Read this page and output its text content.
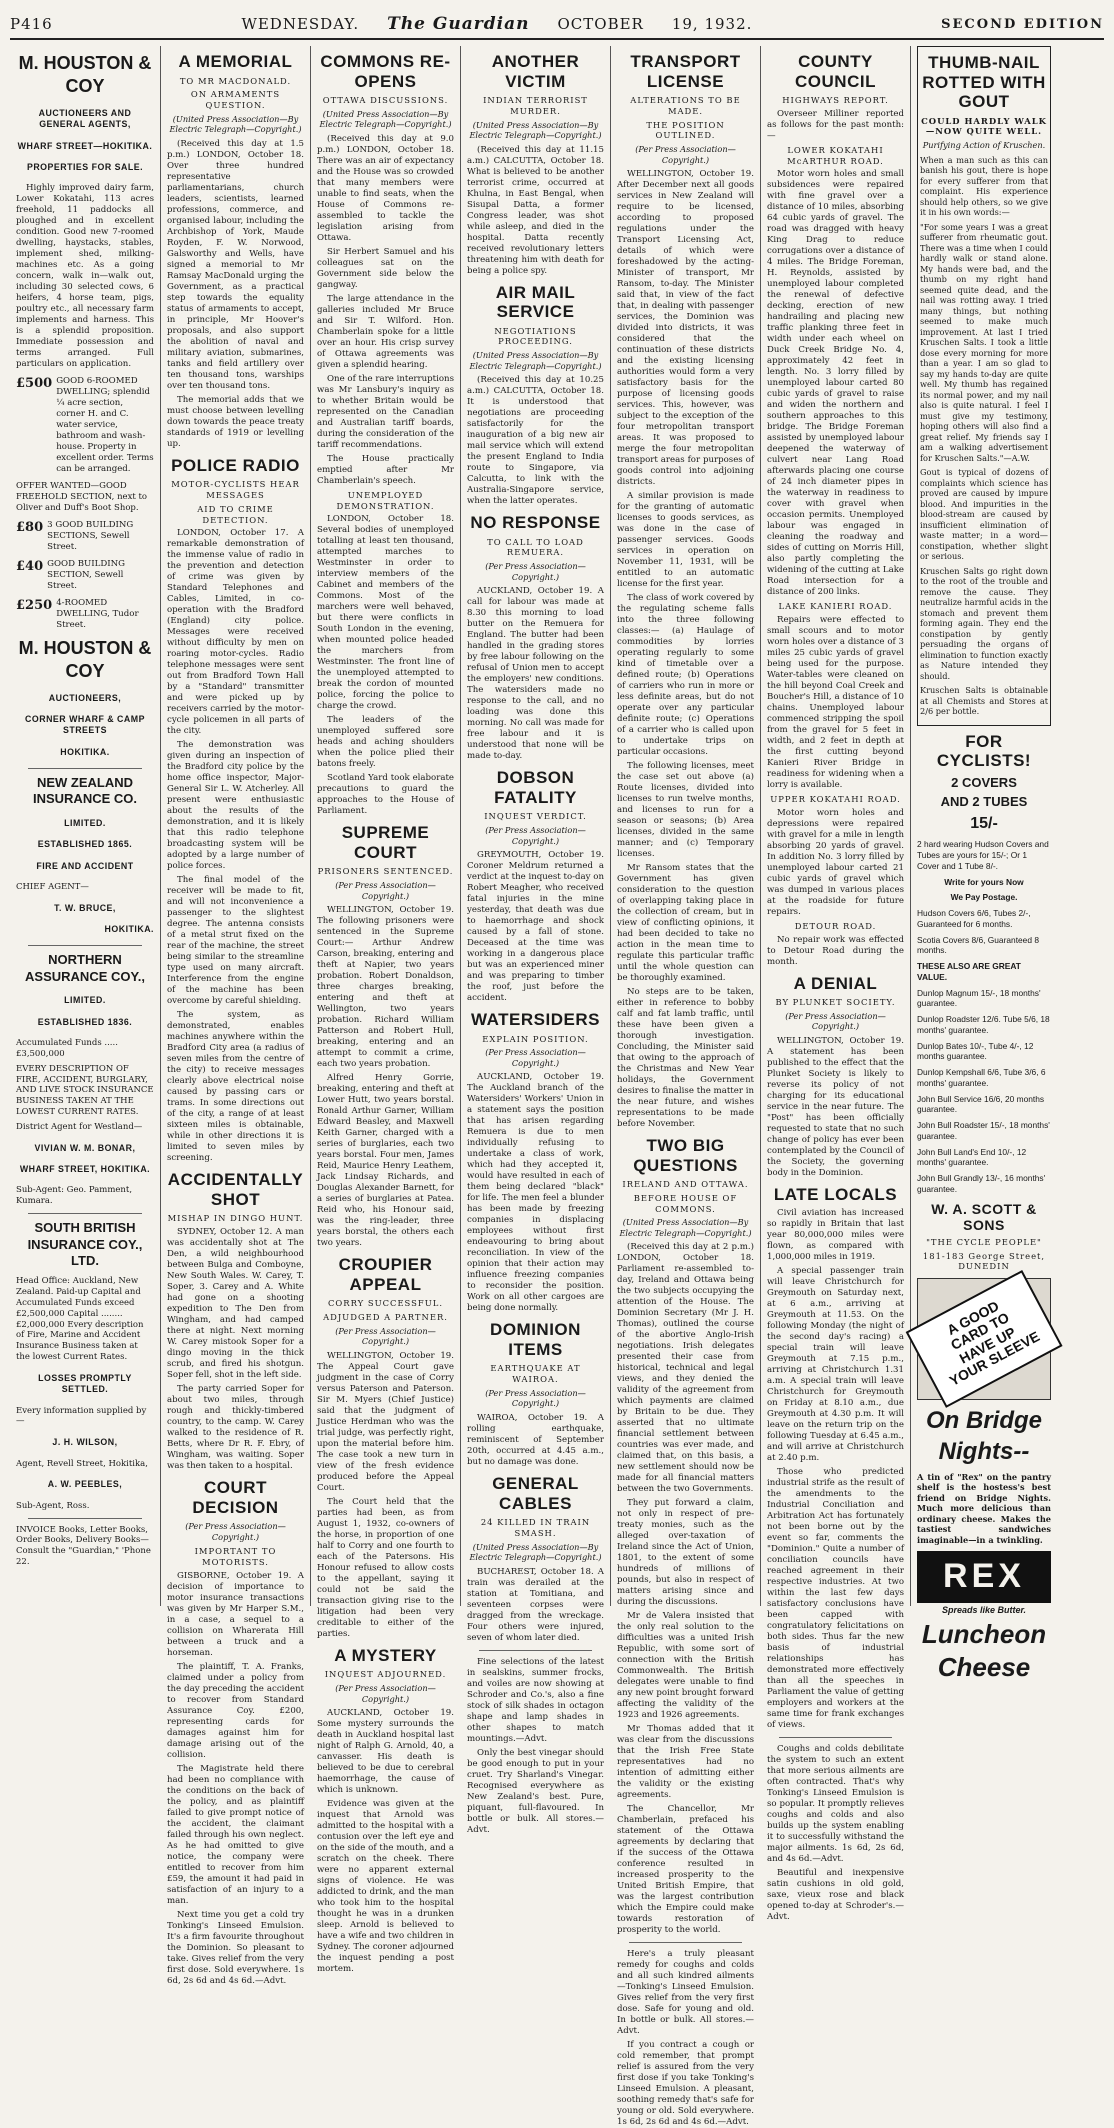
P416	WEDNESDAY. The Guardian OCTOBER 19, 1932.	SECOND EDITION
M. HOUSTON & COY
AUCTIONEERS AND GENERAL AGENTS,
WHARF STREET—HOKITIKA.
PROPERTIES FOR SALE.
Highly improved dairy farm, Lower Kokatahi, 113 acres freehold, 11 paddocks all ploughed and in excellent condition. Good new 7-roomed dwelling, haystacks, stables, implement shed, milking-machines etc. As a going concern, walk in—walk out, including 30 selected cows, 6 heifers, 4 horse team, pigs, poultry etc., all necessary farm implements and harness. This is a splendid proposition. Immediate possession and terms arranged. Full particulars on application.
£500 GOOD 6-ROOMED DWELLING; splendid ¼ acre section, corner H. and C. water service, bathroom and wash-house. Property in excellent order. Terms can be arranged.
OFFER WANTED—GOOD FREEHOLD SECTION, next to Oliver and Duff's Boot Shop.
£80 3 GOOD BUILDING SECTIONS, Sewell Street.
£40 GOOD BUILDING SECTION, Sewell Street.
£250 4-ROOMED DWELLING, Tudor Street.
M. HOUSTON & COY
AUCTIONEERS,
CORNER WHARF & CAMP STREETS
HOKITIKA.
NEW ZEALAND INSURANCE CO.
LIMITED.
ESTABLISHED 1865.
FIRE AND ACCIDENT
CHIEF AGENT—
T. W. BRUCE,
HOKITIKA.
NORTHERN ASSURANCE COY.,
LIMITED.
ESTABLISHED 1836.
Accumulated Funds ..... £3,500,000
EVERY DESCRIPTION OF FIRE, ACCIDENT, BURGLARY, AND LIVE STOCK INSURANCE BUSINESS TAKEN AT THE LOWEST CURRENT RATES.
District Agent for Westland—
VIVIAN W. M. BONAR,
WHARF STREET, HOKITIKA.
Sub-Agent: Geo. Pamment, Kumara.
SOUTH BRITISH INSURANCE COY., LTD.
Head Office: Auckland, New Zealand. Paid-up Capital and Accumulated Funds exceed £2,500,000 Capital ........ £2,000,000 Every description of Fire, Marine and Accident Insurance Business taken at the lowest Current Rates.
LOSSES PROMPTLY SETTLED.
Every information supplied by—
J. H. WILSON,
Agent, Revell Street, Hokitika,
A. W. PEEBLES,
Sub-Agent, Ross.
INVOICE Books, Letter Books, Order Books, Delivery Books—Consult the "Guardian," 'Phone 22.
A MEMORIAL
TO MR MACDONALD.
ON ARMAMENTS QUESTION.
(United Press Association—By Electric Telegraph—Copyright.)

(Received this day at 1.5 p.m.) LONDON, October 18. Over three hundred representative parliamentarians, church leaders, scientists, learned professions, commerce, and organised labour, including the Archbishop of York, Maude Royden, F. W. Norwood, Galsworthy and Wells, have signed a memorial to Mr Ramsay MacDonald urging the Government, as a practical step towards the equality status of armaments to accept, in principle, Mr Hoover's proposals, and also support the abolition of naval and military aviation, submarines, tanks and field artillery over ten thousand tons, warships over ten thousand tons.

The memorial adds that we must choose between levelling down towards the peace treaty standards of 1919 or levelling up.

POLICE RADIO
MOTOR-CYCLISTS HEAR MESSAGES
AID TO CRIME DETECTION.

LONDON, October 17. A remarkable demonstration of the immense value of radio in the prevention and detection of crime was given by Standard Telephones and Cables, Limited, in co-operation with the Bradford (England) city police. Messages were received without difficulty by men on roaring motor-cycles. Radio telephone messages were sent out from Bradford Town Hall by a "Standard" transmitter and were picked up by receivers carried by the motor-cycle policemen in all parts of the city.

The demonstration was given during an inspection of the Bradford city police by the home office inspector, Major-General Sir L. W. Atcherley. All present were enthusiastic about the results of the demonstration, and it is likely that this radio telephone broadcasting system will be adopted by a large number of police forces.

The final model of the receiver will be made to fit, and will not inconvenience a passenger to the slightest degree. The antenna consists of a metal strut fixed on the rear of the machine, the street being similar to the streamline type used on many aircraft. Interference from the engine of the machine has been overcome by careful shielding.

The system, as demonstrated, enables machines anywhere within the Bradford City area (a radius of seven miles from the centre of the city) to receive messages clearly above electrical noise caused by passing cars or trams. In some directions out of the city, a range of at least sixteen miles is obtainable, while in other directions it is limited to seven miles by screening.

ACCIDENTALLY SHOT
MISHAP IN DINGO HUNT.

SYDNEY, October 12. A man was accidentally shot at The Den, a wild neighbourhood between Bulga and Comboyne, New South Wales. W. Carey, T. Soper, 3. Carey and A. White had gone on a shooting expedition to The Den from Wingham, and had camped there at night. Next morning W. Carey mistook Soper for a dingo moving in the thick scrub, and fired his shotgun. Soper fell, shot in the left side.

The party carried Soper for about two miles, through rough and thickly-timbered country, to the camp. W. Carey walked to the residence of R. Betts, where Dr R. F. Ebry, of Wingham, was waiting. Soper was then taken to a hospital.

COURT DECISION
(Per Press Association— Copyright.)
IMPORTANT TO MOTORISTS.

GISBORNE, October 19. A decision of importance to motor insurance transactions was given by Mr Harper S.M., in a case, a sequel to a collision on Wharerata Hill between a truck and a horseman.

The plaintiff, T. A. Franks, claimed under a policy from the day preceding the accident to recover from Standard Assurance Coy. £200, representing cards for damages against him for damage arising out of the collision.

The Magistrate held there had been no compliance with the conditions on the back of the policy, and as plaintiff failed to give prompt notice of the accident, the claimant failed through his own neglect. As he had omitted to give notice, the company were entitled to recover from him £59, the amount it had paid in satisfaction of an injury to a man.

Next time you get a cold try Tonking's Linseed Emulsion. It's a firm favourite throughout the Dominion. So pleasant to take. Gives relief from the very first dose. Sold everywhere. 1s 6d, 2s 6d and 4s 6d.—Advt.

COMMONS RE-OPENS
OTTAWA DISCUSSIONS.
(United Press Association—By Electric Telegraph—Copyright.)

(Received this day at 9.0 p.m.) LONDON, October 18. There was an air of expectancy and the House was so crowded that many members were unable to find seats, when the House of Commons re-assembled to tackle the legislation arising from Ottawa.

Sir Herbert Samuel and his colleagues sat on the Government side below the gangway.

The large attendance in the galleries included Mr Bruce and Sir T. Wilford. Hon. Chamberlain spoke for a little over an hour. His crisp survey of Ottawa agreements was given a splendid hearing.

One of the rare interruptions was Mr Lansbury's inquiry as to whether Britain would be represented on the Canadian and Australian tariff boards, during the consideration of the tariff recommendations.

The House practically emptied after Mr Chamberlain's speech.

UNEMPLOYED DEMONSTRATION.

LONDON, October 18. Several bodies of unemployed totalling at least ten thousand, attempted marches to Westminster in order to interview members of the Cabinet and members of the Commons. Most of the marchers were well behaved, but there were conflicts in South London in the evening, when mounted police headed the marchers from Westminster. The front line of the unemployed attempted to break the cordon of mounted police, forcing the police to charge the crowd.

The leaders of the unemployed suffered sore heads and aching shoulders when the police plied their batons freely.

Scotland Yard took elaborate precautions to guard the approaches to the House of Parliament.

SUPREME COURT
PRISONERS SENTENCED.
(Per Press Association— Copyright.)

WELLINGTON, October 19. The following prisoners were sentenced in the Supreme Court:— Arthur Andrew Carson, breaking, entering and theft at Napier, two years probation. Robert Donaldson, three charges breaking, entering and theft at Wellington, two years probation. Richard William Patterson and Robert Hull, breaking, entering and an attempt to commit a crime, each two years probation.

Alfred Henry Gorrie, breaking, entering and theft at Lower Hutt, two years borstal. Ronald Arthur Garner, William Edward Beasley, and Maxwell Keith Garner, charged with a series of burglaries, each two years borstal. Four men, James Reid, Maurice Henry Leathem, Jack Lindsay Richards, and Douglas Alexander Barnett, for a series of burglaries at Patea. Reid who, his Honour said, was the ring-leader, three years borstal, the others each two years.

CROUPIER APPEAL
CORRY SUCCESSFUL.
ADJUDGED A PARTNER.
(Per Press Association— Copyright.)

WELLINGTON, October 19. The Appeal Court gave judgment in the case of Corry versus Paterson and Paterson. Sir M. Myers (Chief Justice) said that the judgment of Justice Herdman who was the trial judge, was perfectly right, upon the material before him. The case took a new turn in view of the fresh evidence produced before the Appeal Court.

The Court held that the parties had been, as from August 1, 1932, co-owners of the horse, in proportion of one half to Corry and one fourth to each of the Patersons. His Honour refused to allow costs to the appellant, saying it could not be said the transaction giving rise to the litigation had been very creditable to either of the parties.

A MYSTERY
INQUEST ADJOURNED.
(Per Press Association— Copyright.)

AUCKLAND, October 19. Some mystery surrounds the death in Auckland hospital last night of Ralph G. Arnold, 40, a canvasser. His death is believed to be due to cerebral haemorrhage, the cause of which is unknown.

Evidence was given at the inquest that Arnold was admitted to the hospital with a contusion over the left eye and on the side of the mouth, and a scratch on the cheek. There were no apparent external signs of violence. He was addicted to drink, and the man who took him to the hospital thought he was in a drunken sleep. Arnold is believed to have a wife and two children in Sydney. The coroner adjourned the inquest pending a post mortem.

ANOTHER VICTIM
INDIAN TERRORIST MURDER.
(United Press Association—By Electric Telegraph—Copyright.)

(Received this day at 11.15 a.m.) CALCUTTA, October 18. What is believed to be another terrorist crime, occurred at Khulna, in East Bengal, when Sisupal Datta, a former Congress leader, was shot while asleep, and died in the hospital. Datta recently received revolutionary letters threatening him with death for being a police spy.

AIR MAIL SERVICE
NEGOTIATIONS PROCEEDING.
(United Press Association—By Electric Telegraph—Copyright.)

(Received this day at 10.25 a.m.) CALCUTTA, October 18. It is understood that negotiations are proceeding satisfactorily for the inauguration of a big new air mail service which will extend the present England to India route to Singapore, via Calcutta, to link with the Australia-Singapore service, when the latter operates.

NO RESPONSE
TO CALL TO LOAD REMUERA.
(Per Press Association— Copyright.)

AUCKLAND, October 19. A call for labour was made at 8.30 this morning to load butter on the Remuera for England. The butter had been handled in the grading stores by free labour following on the refusal of Union men to accept the employers' new conditions. The watersiders made no response to the call, and no loading was done this morning. No call was made for free labour and it is understood that none will be made to-day.

DOBSON FATALITY
INQUEST VERDICT.
(Per Press Association— Copyright.)

GREYMOUTH, October 19. Coroner Meldrum returned a verdict at the inquest to-day on Robert Meagher, who received fatal injuries in the mine yesterday, that death was due to haemorrhage and shock caused by a fall of stone. Deceased at the time was working in a dangerous place but was an experienced miner and was preparing to timber the roof, just before the accident.

WATERSIDERS
EXPLAIN POSITION.
(Per Press Association— Copyright.)

AUCKLAND, October 19. The Auckland branch of the Watersiders' Workers' Union in a statement says the position that has arisen regarding Remuera is due to men individually refusing to undertake a class of work, which had they accepted it, would have resulted in each of them being declared "black" for life. The men feel a blunder has been made by freezing companies in displacing employees without first endeavouring to bring about reconciliation. In view of the opinion that their action may influence freezing companies to reconsider the position. Work on all other cargoes are being done normally.

DOMINION ITEMS
EARTHQUAKE AT WAIROA.
(Per Press Association— Copyright.)

WAIROA, October 19. A rolling earthquake, reminiscent of September 20th, occurred at 4.45 a.m., but no damage was done.

GENERAL CABLES
24 KILLED IN TRAIN SMASH.
(United Press Association—By Electric Telegraph—Copyright.)

BUCHAREST, October 18. A train was derailed at the station at Tomitiana, and seventeen corpses were dragged from the wreckage. Four others were injured, seven of whom later died.

Fine selections of the latest in sealskins, summer frocks, and voiles are now showing at Schroder and Co.'s, also a fine stock of silk shades in octagon shape and lamp shades in other shapes to match mountings.—Advt.

Only the best vinegar should be good enough to put in your cruet. Try Sharland's Vinegar. Recognised everywhere as New Zealand's best. Pure, piquant, full-flavoured. In bottle or bulk. All stores.—Advt.

TRANSPORT LICENSE
ALTERATIONS TO BE MADE.
THE POSITION OUTLINED.
(Per Press Association— Copyright.)

WELLINGTON, October 19. After December next all goods services in New Zealand will require to be licensed, according to proposed regulations under the Transport Licensing Act, details of which were foreshadowed by the acting-Minister of transport, Mr Ransom, to-day. The Minister said that, in view of the fact that, in dealing with passenger services, the Dominion was divided into districts, it was considered that the continuation of these districts and the existing licensing authorities would form a very satisfactory basis for the purpose of licensing goods services. This, however, was subject to the exception of the four metropolitan transport areas. It was proposed to merge the four metropolitan transport areas for purposes of goods control into adjoining districts.

A similar provision is made for the granting of automatic licenses to goods services, as was done in the case of passenger services. Goods services in operation on November 11, 1931, will be entitled to an automatic license for the first year.

The class of work covered by the regulating scheme falls into the three following classes:— (a) Haulage of commodities by lorries operating regularly to some kind of timetable over a defined route; (b) Operations of carriers who run in more or less definite areas, but do not operate over any particular definite route; (c) Operations of a carrier who is called upon to undertake trips on particular occasions.

The following licenses, meet the case set out above (a) Route licenses, divided into licenses to run twelve months, and licenses to run for a season or seasons; (b) Area licenses, divided in the same manner; and (c) Temporary licenses.

Mr Ransom states that the Government has given consideration to the question of overlapping taking place in the collection of cream, but in view of conflicting opinions, it had been decided to take no action in the mean time to regulate this particular traffic until the whole question can be thoroughly examined.

No steps are to be taken, either in reference to bobby calf and fat lamb traffic, until these have been given a thorough investigation. Concluding, the Minister said that owing to the approach of the Christmas and New Year holidays, the Government desires to finalise the matter in the near future, and wishes representations to be made before November.

TWO BIG QUESTIONS
IRELAND AND OTTAWA.
BEFORE HOUSE OF COMMONS.
(United Press Association—By Electric Telegraph—Copyright.)

(Received this day at 2 p.m.) LONDON, October 18. Parliament re-assembled to-day, Ireland and Ottawa being the two subjects occupying the attention of the House. The Dominion Secretary (Mr J. H. Thomas), outlined the course of the abortive Anglo-Irish negotiations. Irish delegates presented their case from historical, technical and legal views, and they denied the validity of the agreement from which payments are claimed by Britain to be due. They asserted that no ultimate financial settlement between countries was ever made, and claimed that, on this basis, a new settlement should now be made for all financial matters between the two Governments.

They put forward a claim, not only in respect of pre-treaty monies, such as the alleged over-taxation of Ireland since the Act of Union, 1801, to the extent of some hundreds of millions of pounds, but also in respect of matters arising since and during the discussions.

Mr de Valera insisted that the only real solution to the difficulties was a united Irish Republic, with some sort of connection with the British Commonwealth. The British delegates were unable to find any new point brought forward affecting the validity of the 1923 and 1926 agreements.

Mr Thomas added that it was clear from the discussions that the Irish Free State representatives had no intention of admitting either the validity or the existing agreements.

The Chancellor, Mr Chamberlain, prefaced his statement of the Ottawa agreements by declaring that if the success of the Ottawa conference resulted in increased prosperity to the United British Empire, that was the largest contribution which the Empire could make towards restoration of prosperity to the world.

Here's a truly pleasant remedy for coughs and colds and all such kindred ailments—Tonking's Linseed Emulsion. Gives relief from the very first dose. Safe for young and old. In bottle or bulk. All stores.—Advt.

If you contract a cough or cold remember, that prompt relief is assured from the very first dose if you take Tonking's Linseed Emulsion. A pleasant, soothing remedy that's safe for young or old. Sold everywhere. 1s 6d, 2s 6d and 4s 6d.—Advt.

COUNTY COUNCIL
HIGHWAYS REPORT.

Overseer Milliner reported as follows for the past month:—

LOWER KOKATAHI McARTHUR ROAD.

Motor worn holes and small subsidences were repaired with fine gravel over a distance of 10 miles, absorbing 64 cubic yards of gravel. The road was dragged with heavy King Drag to reduce corrugations over a distance of 4 miles. The Bridge Foreman, H. Reynolds, assisted by unemployed labour completed the renewal of defective decking, erection of new handrailing and placing new traffic planking three feet in width under each wheel on Duck Creek Bridge No. 4, approximately 42 feet in length. No. 3 lorry filled by unemployed labour carted 80 cubic yards of gravel to raise and widen the northern and southern approaches to this bridge. The Bridge Foreman assisted by unemployed labour deepened the waterway of culvert near Lang Road afterwards placing one course of 24 inch diameter pipes in the waterway in readiness to cover with gravel when occasion permits. Unemployed labour was engaged in cleaning the roadway and sides of cutting on Morris Hill, also partly completing the widening of the cutting at Lake Road intersection for a distance of 200 links.

LAKE KANIERI ROAD.

Repairs were effected to small scours and to motor worn holes over a distance of 3 miles 25 cubic yards of gravel being used for the purpose. Water-tables were cleaned on the hill beyond Coal Creek and Boucher's Hill, a distance of 10 chains. Unemployed labour commenced stripping the spoil from the gravel for 5 feet in width, and 2 feet in depth at the first cutting beyond Kanieri River Bridge in readiness for widening when a lorry is available.

UPPER KOKATAHI ROAD.

Motor worn holes and depressions were repaired with gravel for a mile in length absorbing 20 yards of gravel. In addition No. 3 lorry filled by unemployed labour carted 21 cubic yards of gravel which was dumped in various places at the roadside for future repairs.

DETOUR ROAD.

No repair work was effected to Detour Road during the month.

A DENIAL
BY PLUNKET SOCIETY.
(Per Press Association— Copyright.)

WELLINGTON, October 19. A statement has been published to the effect that the Plunket Society is likely to reverse its policy of not charging for its educational service in the near future. The "Post" has been officially requested to state that no such change of policy has ever been contemplated by the Council of the Society, the governing body in the Dominion.

LATE LOCALS

Civil aviation has increased so rapidly in Britain that last year 80,000,000 miles were flown, as compared with 1,000,000 miles in 1919.

A special passenger train will leave Christchurch for Greymouth on Saturday next, at 6 a.m., arriving at Greymouth at 11.53. On the following Monday (the night of the second day's racing) a special train will leave Greymouth at 7.15 p.m., arriving at Christchurch 1.31 a.m. A special train will leave Christchurch for Greymouth on Friday at 8.10 a.m., due Greymouth at 4.30 p.m. It will leave on the return trip on the following Tuesday at 6.45 a.m., and will arrive at Christchurch at 2.40 p.m.

Those who predicted industrial strife as the result of the amendments to the Industrial Conciliation and Arbitration Act has fortunately not been borne out by the event so far, comments the "Dominion." Quite a number of conciliation councils have reached agreement in their respective industries. At two within the last few days satisfactory conclusions have been capped with congratulatory felicitations on both sides. Thus far the new basis of industrial relationships has demonstrated more effectively than all the speeches in Parliament the value of getting employers and workers at the same time for frank exchanges of views.

Coughs and colds debilitate the system to such an extent that more serious ailments are often contracted. That's why Tonking's Linseed Emulsion is so popular. It promptly relieves coughs and colds and also builds up the system enabling it to successfully withstand the major ailments. 1s 6d, 2s 6d, and 4s 6d.—Advt.

Beautiful and inexpensive satin cushions in old gold, saxe, vieux rose and black opened to-day at Schroder's.—Advt.

THUMB-NAIL ROTTED WITH GOUT
COULD HARDLY WALK—NOW QUITE WELL.
Purifying Action of Kruschen.

When a man such as this can banish his gout, there is hope for every sufferer from that complaint. His experience should help others, so we give it in his own words:—

"For some years I was a great sufferer from rheumatic gout. There was a time when I could hardly walk or stand alone. My hands were bad, and the thumb on my right hand seemed quite dead, and the nail was rotting away. I tried many things, but nothing seemed to make much improvement. At last I tried Kruschen Salts. I took a little dose every morning for more than a year. I am so glad to say my hands to-day are quite well. My thumb has regained its normal power, and my nail also is quite natural. I feel I must give my testimony, hoping others will also find a great relief. My friends say I am a walking advertisement for Kruschen Salts."—A.W.

Gout is typical of dozens of complaints which science has proved are caused by impure blood. And impurities in the blood-stream are caused by insufficient elimination of waste matter; in a word—constipation, whether slight or serious.

Kruschen Salts go right down to the root of the trouble and remove the cause. They neutralize harmful acids in the stomach and prevent them forming again. They end the constipation by gently persuading the organs of elimination to function exactly as Nature intended they should.

Kruschen Salts is obtainable at all Chemists and Stores at 2/6 per bottle.

FOR CYCLISTS!
2 COVERS
AND 2 TUBES
15/-
2 hard wearing Hudson Covers and Tubes are yours for 15/-; Or 1 Cover and 1 Tube 8/-.
Write for yours Now
We Pay Postage.
Hudson Covers 6/6, Tubes 2/-, Guaranteed for 6 months.
Scotia Covers 8/6, Guaranteed 8 months.
THESE ALSO ARE GREAT VALUE.
Dunlop Magnum 15/-, 18 months' guarantee.
Dunlop Roadster 12/6. Tube 5/6, 18 months' guarantee.
Dunlop Bates 10/-, Tube 4/-, 12 months guarantee.
Dunlop Kempshall 6/6, Tube 3/6, 6 months' guarantee.
John Bull Service 16/6, 20 months guarantee.
John Bull Roadster 15/-, 18 months' guarantee.
John Bull Land's End 10/-, 12 months' guarantee.
John Bull Grandly 13/-, 16 months' guarantee.
W. A. SCOTT & SONS
"THE CYCLE PEOPLE"
181-183 George Street, DUNEDIN
A GOOD CARD TO HAVE UP YOUR SLEEVE
On Bridge Nights--
A tin of "Rex" on the pantry shelf is the hostess's best friend on Bridge Nights. Much more delicious than ordinary cheese. Makes the tastiest sandwiches imaginable—in a twinkling.
REX
Spreads like Butter.
Luncheon Cheese
